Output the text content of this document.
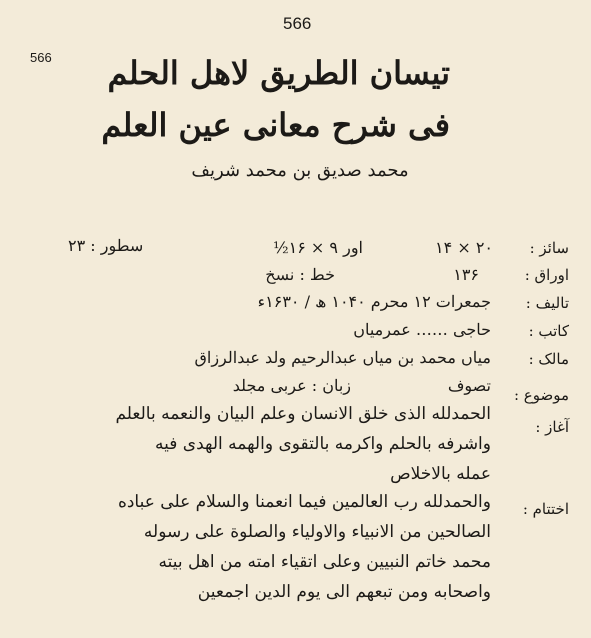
566
566 تیسان الطریق لاهل الحلم
فی شرح معانی عین العلم
محمد صدیق بن محمد شریف
سائز :
۲۰ × ۱۴
اور ۹ × ۱۶½
سطور : ۲۳
اوراق :
۱۳۶
خط : نسخ
تالیف :
جمعرات ۱۲ محرم ۱۰۴۰ ھ / ۱۶۳۰ء
کاتب :
حاجی …… عمرمیاں
مالک :
میاں محمد بن میاں عبدالرحیم ولد عبدالرزاق
موضوع :
تصوف
زبان : عربی مجلد
آغاز :
الحمدلله الذی خلق الانسان وعلم البیان والنعمه بالعلم
واشرفه بالحلم واکرمه بالتقوی والهمه الهدی فیه
عمله بالاخلاص
اختتام :
والحمدلله رب العالمین فیما انعمنا والسلام علی عباده
الصالحین من الانبیاء والاولیاء والصلوة علی رسوله
محمد خاتم النبیین وعلی اتقیاء امته من اهل بیته
واصحابه ومن تبعهم الی یوم الدین اجمعین
